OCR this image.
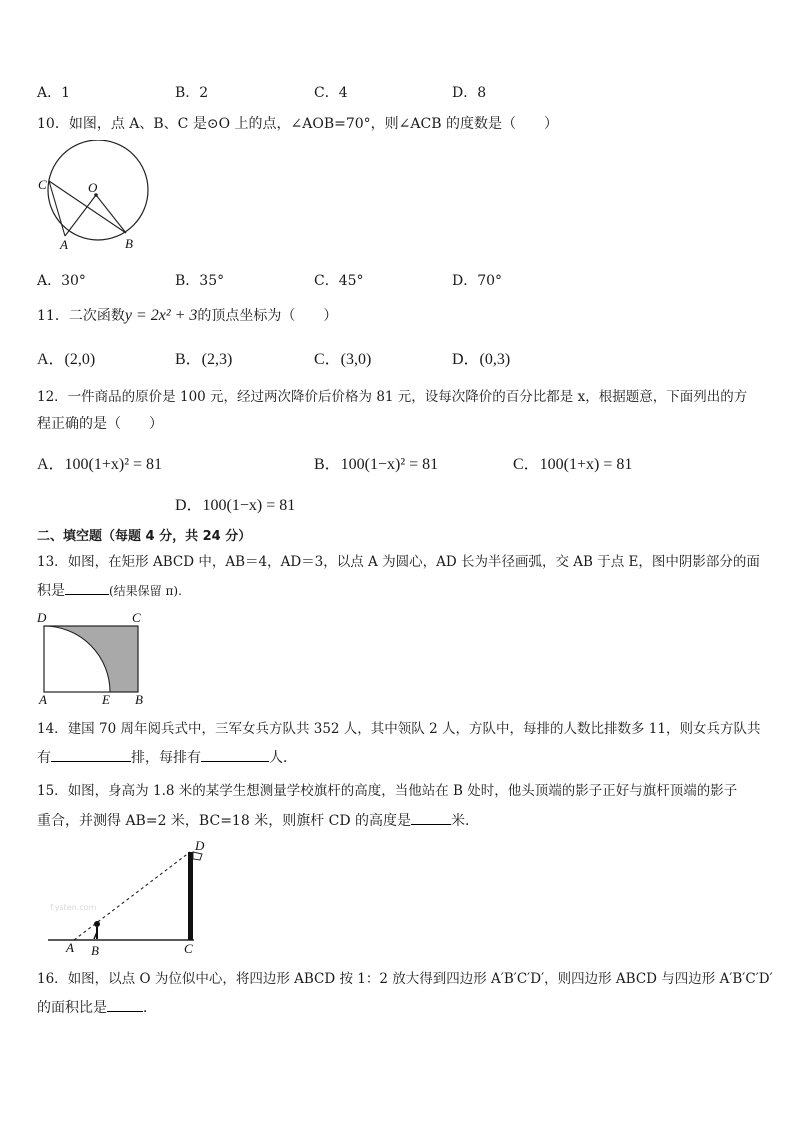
A．1	B．2	C．4	D．8
10．如图，点 A、B、C 是⊙O 上的点，∠AOB=70°，则∠ACB 的度数是（　　）
C	O
A	B
A．30°	B．35°	C．45°	D．70°
11．二次函数y = 2x² + 3的顶点坐标为（　　）
A．(2,0)	B．(2,3)	C．(3,0)	D．(0,3)
12．一件商品的原价是 100 元，经过两次降价后价格为 81 元，设每次降价的百分比都是 x，根据题意，下面列出的方
程正确的是（　　）
A．100(1+x)² = 81	B．100(1−x)² = 81	C．100(1+x) = 81
D．100(1−x) = 81
二、填空题（每题 4 分，共 24 分）
13．如图，在矩形 ABCD 中，AB＝4，AD＝3，以点 A 为圆心，AD 长为半径画弧，交 AB 于点 E，图中阴影部分的面
积是	(结果保留 π).
D	C
A	E B
14．建国 70 周年阅兵式中，三军女兵方队共 352 人，其中领队 2 人，方队中，每排的人数比排数多 11，则女兵方队共
有	排，每排有	人．
15．如图，身高为 1.8 米的某学生想测量学校旗杆的高度，当他站在 B 处时，他头顶端的影子正好与旗杆顶端的影子
重合，并测得 AB=2 米，BC=18 米，则旗杆 CD 的高度是	米．
f.ysten.com
A B	C
D
16．如图，以点 O 为位似中心，将四边形 ABCD 按 1：2 放大得到四边形 A′B′C′D′，则四边形 ABCD 与四边形 A′B′C′D′
的面积比是	．
